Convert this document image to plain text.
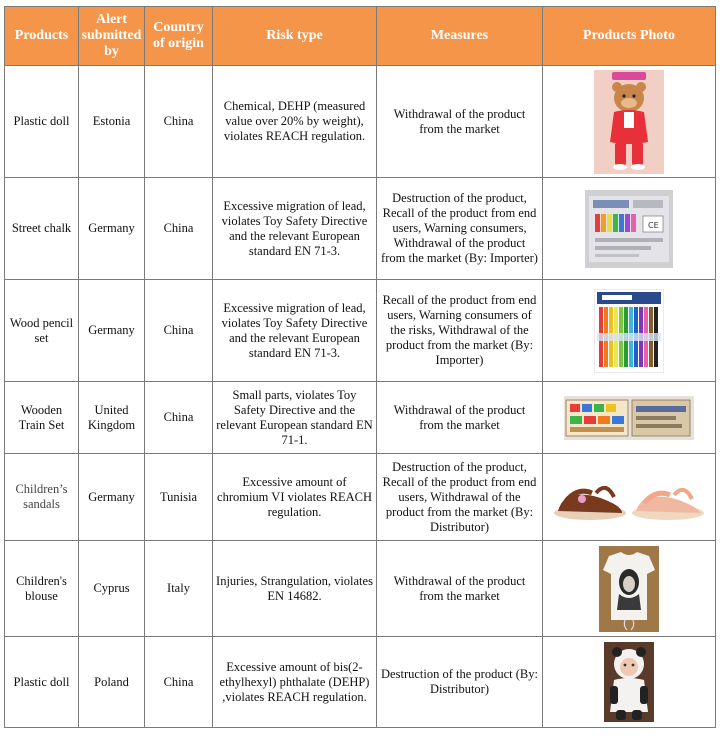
Products	Alert submitted by	Country of origin	Risk type	Measures	Products Photo
Plastic doll	Estonia	China	Chemical, DEHP (measured value over 20% by weight), violates REACH regulation.	Withdrawal of the product from the market	

Street chalk	Germany	China	Excessive migration of lead, violates Toy Safety Directive and the relevant European standard EN 71-3.	Destruction of the product, Recall of the product from end users, Warning consumers, Withdrawal of the product from the market (By: Importer)	CE

Wood pencil set	Germany	China	Excessive migration of lead, violates Toy Safety Directive and the relevant European standard EN 71-3.	Recall of the product from end users, Warning consumers of the risks, Withdrawal of the product from the market (By: Importer)	

Wooden Train Set	United Kingdom	China	Small parts, violates Toy Safety Directive and the relevant European standard EN 71-1.	Withdrawal of the product from the market	

Children’s sandals	Germany	Tunisia	Excessive amount of chromium VI violates REACH regulation.	Destruction of the product, Recall of the product from end users, Withdrawal of the product from the market (By: Distributor)	

Children's blouse	Cyprus	Italy	Injuries, Strangulation, violates EN 14682.	Withdrawal of the product from the market	

Plastic doll	Poland	China	Excessive amount of bis(2-ethylhexyl) phthalate (DEHP) ,violates REACH regulation.	Destruction of the product (By: Distributor)	
